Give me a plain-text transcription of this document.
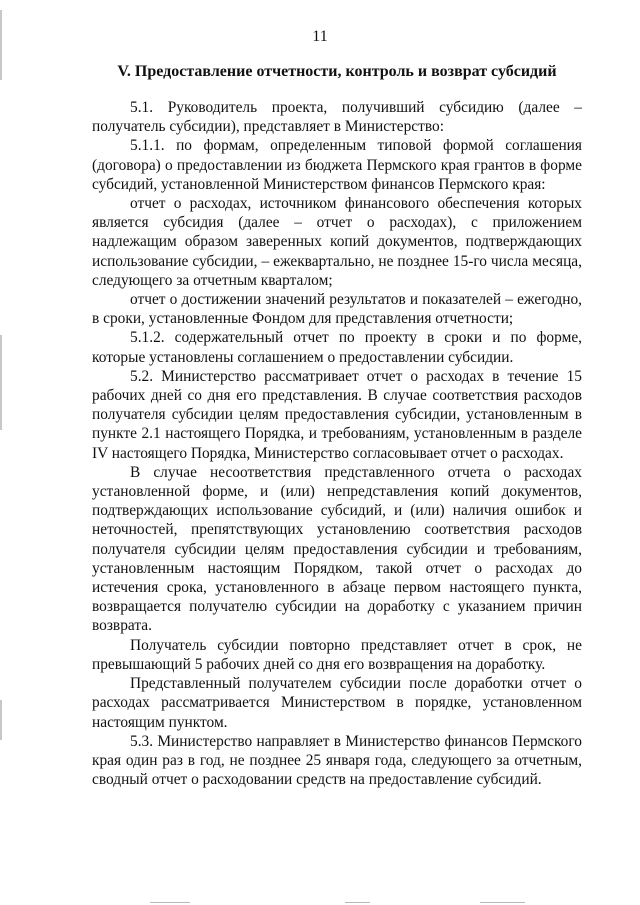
11
V. Предоставление отчетности, контроль и возврат субсидий

5.1. Руководитель проекта, получивший субсидию (далее – получатель субсидии), представляет в Министерство:

5.1.1. по формам, определенным типовой формой соглашения (договора) о предоставлении из бюджета Пермского края грантов в форме субсидий, установленной Министерством финансов Пермского края:

отчет о расходах, источником финансового обеспечения которых является субсидия (далее – отчет о расходах), с приложением надлежащим образом заверенных копий документов, подтверждающих использование субсидии, – ежеквартально, не позднее 15-го числа месяца, следующего за отчетным кварталом;

отчет о достижении значений результатов и показателей – ежегодно, в сроки, установленные Фондом для представления отчетности;

5.1.2. содержательный отчет по проекту в сроки и по форме, которые установлены соглашением о предоставлении субсидии.

5.2. Министерство рассматривает отчет о расходах в течение 15 рабочих дней со дня его представления. В случае соответствия расходов получателя субсидии целям предоставления субсидии, установленным в пункте 2.1 настоящего Порядка, и требованиям, установленным в разделе IV настоящего Порядка, Министерство согласовывает отчет о расходах.

В случае несоответствия представленного отчета о расходах установленной форме, и (или) непредставления копий документов, подтверждающих использование субсидий, и (или) наличия ошибок и неточностей, препятствующих установлению соответствия расходов получателя субсидии целям предоставления субсидии и требованиям, установленным настоящим Порядком, такой отчет о расходах до истечения срока, установленного в абзаце первом настоящего пункта, возвращается получателю субсидии на доработку с указанием причин возврата.

Получатель субсидии повторно представляет отчет в срок, не превышающий 5 рабочих дней со дня его возвращения на доработку.

Представленный получателем субсидии после доработки отчет о расходах рассматривается Министерством в порядке, установленном настоящим пунктом.

5.3. Министерство направляет в Министерство финансов Пермского края один раз в год, не позднее 25 января года, следующего за отчетным, сводный отчет о расходовании средств на предоставление субсидий.
